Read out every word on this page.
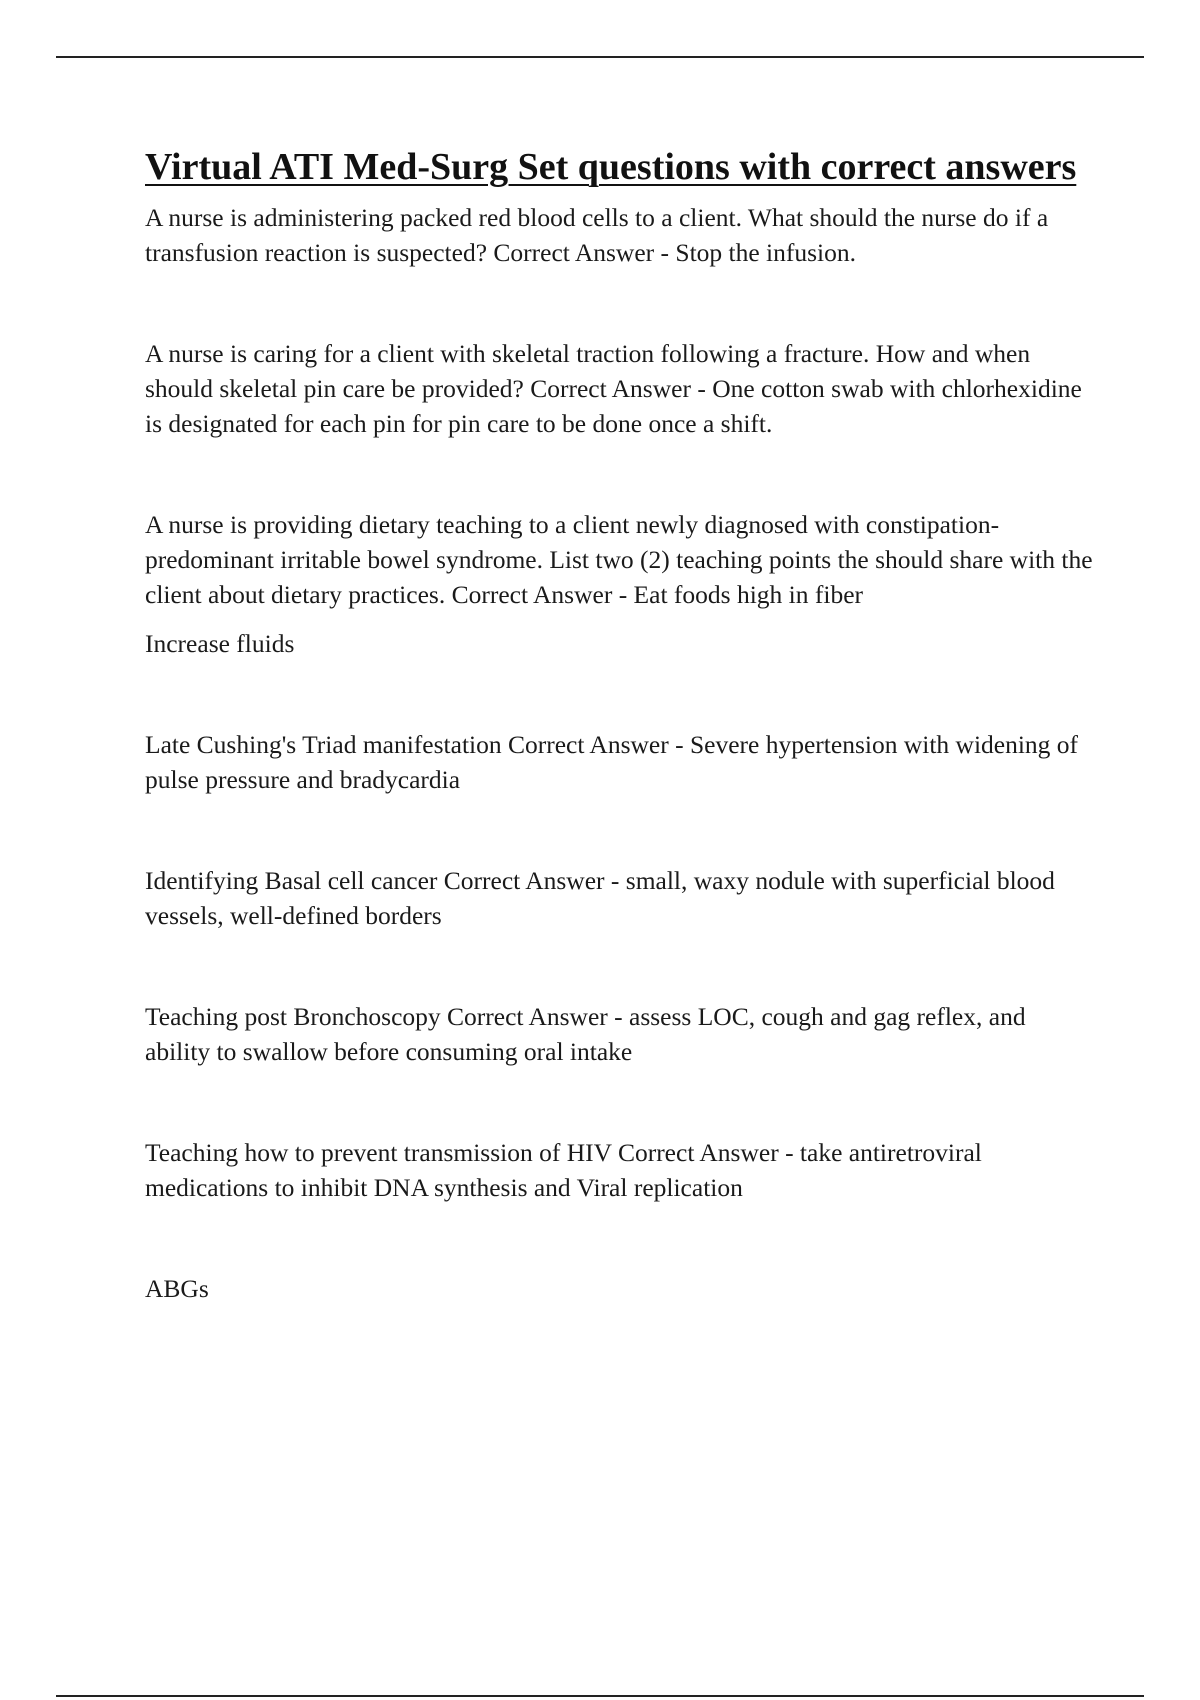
Virtual ATI Med-Surg Set questions with correct answers

A nurse is administering packed red blood cells to a client. What should the nurse do if a transfusion reaction is suspected? Correct Answer - Stop the infusion.

A nurse is caring for a client with skeletal traction following a fracture. How and when should skeletal pin care be provided? Correct Answer - One cotton swab with chlorhexidine is designated for each pin for pin care to be done once a shift.

A nurse is providing dietary teaching to a client newly diagnosed with constipation-predominant irritable bowel syndrome. List two (2) teaching points the should share with the client about dietary practices. Correct Answer - Eat foods high in fiber

Increase fluids

Late Cushing's Triad manifestation Correct Answer - Severe hypertension with widening of pulse pressure and bradycardia

Identifying Basal cell cancer Correct Answer - small, waxy nodule with superficial blood vessels, well-defined borders

Teaching post Bronchoscopy Correct Answer - assess LOC, cough and gag reflex, and ability to swallow before consuming oral intake

Teaching how to prevent transmission of HIV Correct Answer - take antiretroviral medications to inhibit DNA synthesis and Viral replication

ABGs
